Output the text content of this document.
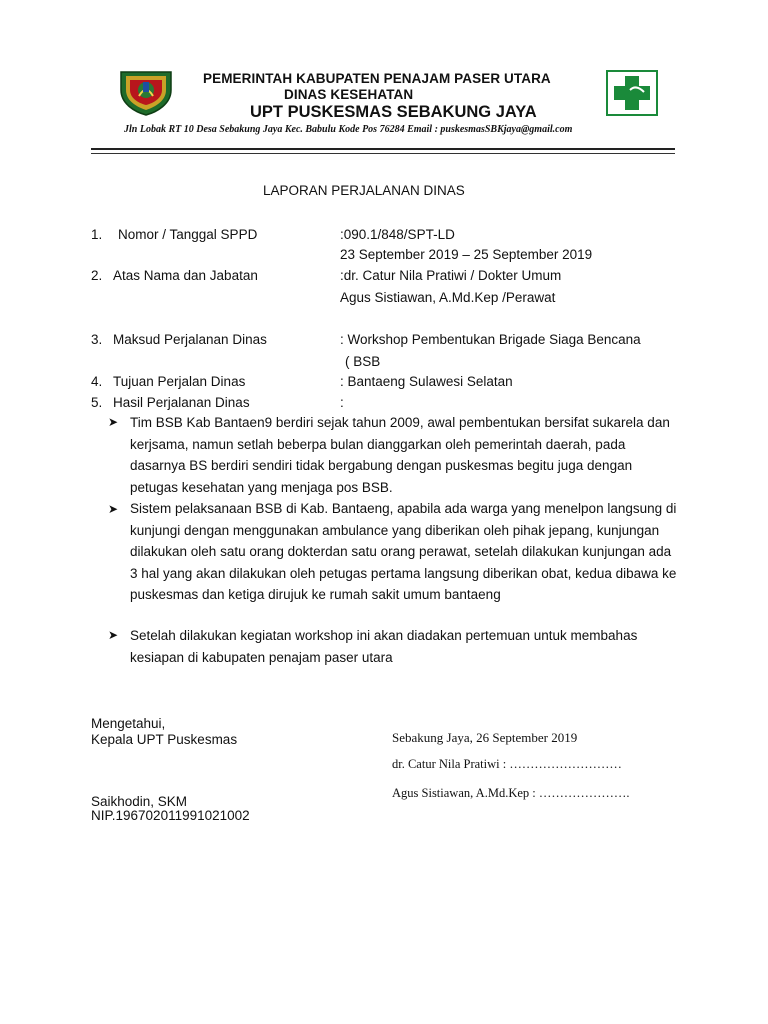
PEMERINTAH KABUPATEN PENAJAM PASER UTARA
DINAS KESEHATAN
UPT PUSKESMAS SEBAKUNG JAYA
Jln Lobak RT 10 Desa Sebakung Jaya Kec. Babulu Kode Pos 76284 Email : puskesmasSBKjaya@gmail.com
LAPORAN PERJALANAN DINAS
1. Nomor / Tanggal SPPD	:090.1/848/SPT-LD
23 September 2019 – 25 September 2019
2. Atas Nama dan Jabatan	:dr. Catur Nila Pratiwi / Dokter Umum
Agus Sistiawan, A.Md.Kep /Perawat
3. Maksud Perjalanan Dinas	: Workshop Pembentukan Brigade Siaga Bencana
( BSB
4. Tujuan Perjalan Dinas	: Bantaeng Sulawesi Selatan
5. Hasil Perjalanan Dinas	:
➤ Tim BSB Kab Bantaen9 berdiri sejak tahun 2009, awal pembentukan bersifat sukarela dan kerjsama, namun setlah beberpa bulan dianggarkan oleh pemerintah daerah, pada dasarnya BS berdiri sendiri tidak bergabung dengan puskesmas begitu juga dengan petugas kesehatan yang menjaga pos BSB.
➤ Sistem pelaksanaan BSB di Kab. Bantaeng, apabila ada warga yang menelpon langsung di kunjungi dengan menggunakan ambulance yang diberikan oleh pihak jepang, kunjungan dilakukan oleh satu orang dokterdan satu orang perawat, setelah dilakukan kunjungan ada 3 hal yang akan dilakukan oleh petugas pertama langsung diberikan obat, kedua dibawa ke puskesmas dan ketiga dirujuk ke rumah sakit umum bantaeng
➤ Setelah dilakukan kegiatan workshop ini akan diadakan pertemuan untuk membahas kesiapan di kabupaten penajam paser utara
Mengetahui,
Kepala UPT Puskesmas
Saikhodin, SKM
NIP.196702011991021002
Sebakung Jaya, 26 September 2019
dr. Catur Nila Pratiwi : ………………………
Agus Sistiawan, A.Md.Kep : ………………….
